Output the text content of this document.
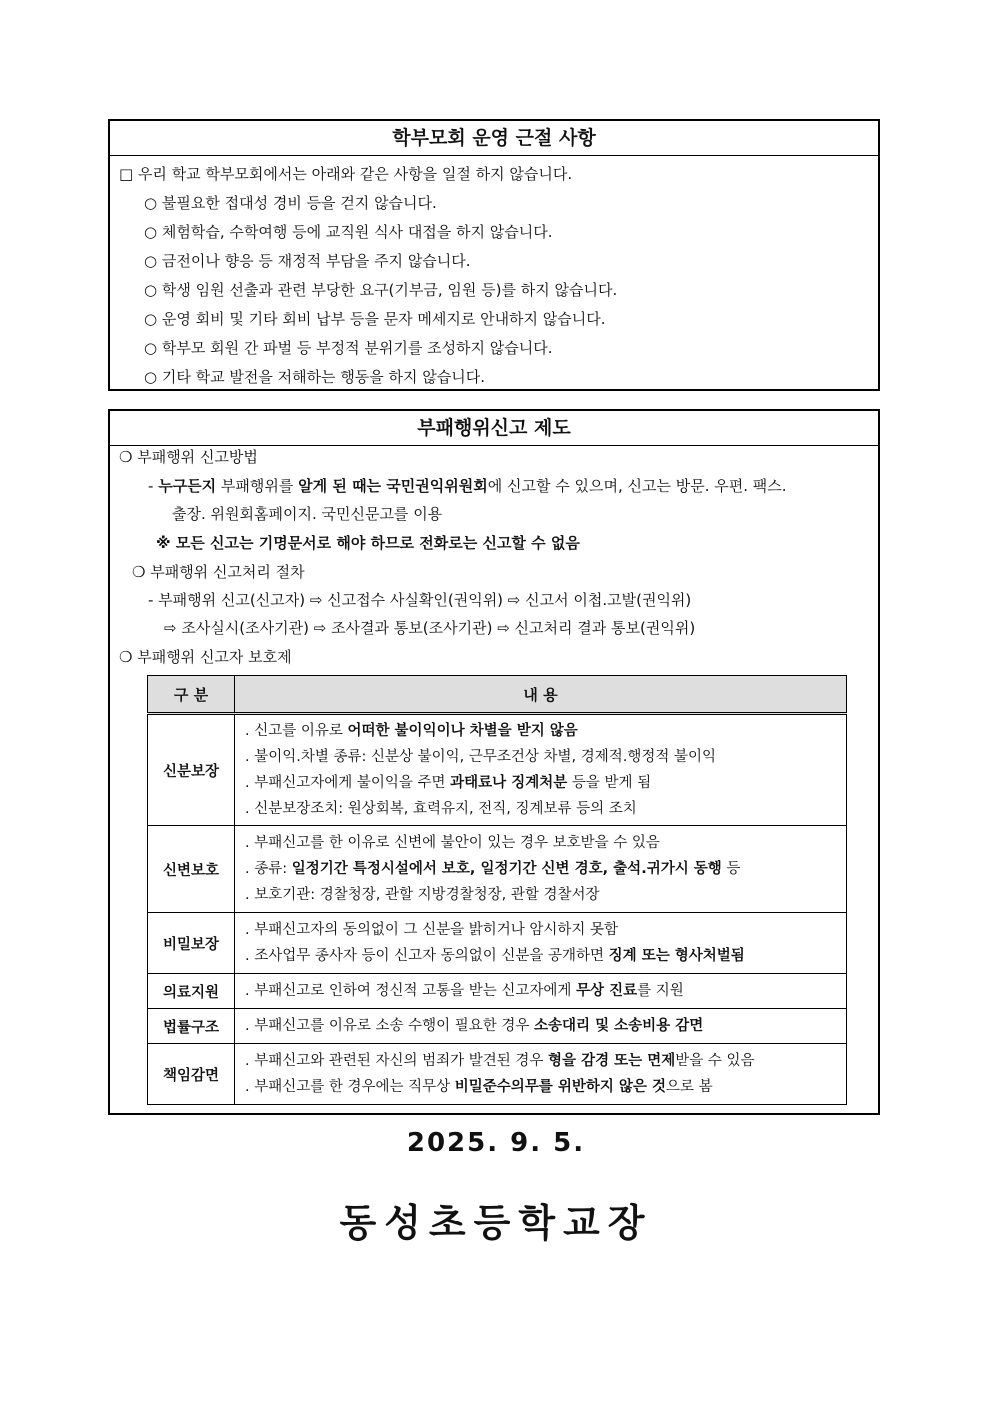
학부모회 운영 근절 사항
□ 우리 학교 학부모회에서는 아래와 같은 사항을 일절 하지 않습니다.
○ 불필요한 접대성 경비 등을 걷지 않습니다.
○ 체험학습, 수학여행 등에 교직원 식사 대접을 하지 않습니다.
○ 금전이나 향응 등 재정적 부담을 주지 않습니다.
○ 학생 임원 선출과 관련 부당한 요구(기부금, 임원 등)를 하지 않습니다.
○ 운영 회비 및 기타 회비 납부 등을 문자 메세지로 안내하지 않습니다.
○ 학부모 회원 간 파벌 등 부정적 분위기를 조성하지 않습니다.
○ 기타 학교 발전을 저해하는 행동을 하지 않습니다.
부패행위신고 제도
❍ 부패행위 신고방법
- 누구든지 부패행위를 알게 된 때는 국민권익위원회에 신고할 수 있으며, 신고는 방문. 우편. 팩스.
출장. 위원회홈페이지. 국민신문고를 이용
※ 모든 신고는 기명문서로 해야 하므로 전화로는 신고할 수 없음
❍ 부패행위 신고처리 절차
- 부패행위 신고(신고자) ⇨ 신고접수 사실확인(권익위) ⇨ 신고서 이첩.고발(권익위)
⇨ 조사실시(조사기관) ⇨ 조사결과 통보(조사기관) ⇨ 신고처리 결과 통보(권익위)
❍ 부패행위 신고자 보호제
구 분	내 용
신분보장	. 신고를 이유로 어떠한 불이익이나 차별을 받지 않음
. 불이익.차별 종류: 신분상 불이익, 근무조건상 차별, 경제적.행정적 불이익
. 부패신고자에게 불이익을 주면 과태료나 징계처분 등을 받게 됨
. 신분보장조치: 원상회복, 효력유지, 전직, 징계보류 등의 조치

신변보호	. 부패신고를 한 이유로 신변에 불안이 있는 경우 보호받을 수 있음
. 종류: 일정기간 특정시설에서 보호, 일정기간 신변 경호, 출석.귀가시 동행 등
. 보호기관: 경찰청장, 관할 지방경찰청장, 관할 경찰서장

비밀보장	. 부패신고자의 동의없이 그 신분을 밝히거나 암시하지 못함
. 조사업무 종사자 등이 신고자 동의없이 신분을 공개하면 징계 또는 형사처벌됨

의료지원	. 부패신고로 인하여 정신적 고통을 받는 신고자에게 무상 진료를 지원

법률구조	. 부패신고를 이유로 소송 수행이 필요한 경우 소송대리 및 소송비용 감면

책임감면	. 부패신고와 관련된 자신의 범죄가 발견된 경우 형을 감경 또는 면제받을 수 있음
. 부패신고를 한 경우에는 직무상 비밀준수의무를 위반하지 않은 것으로 봄
2025. 9. 5.
동성초등학교장
